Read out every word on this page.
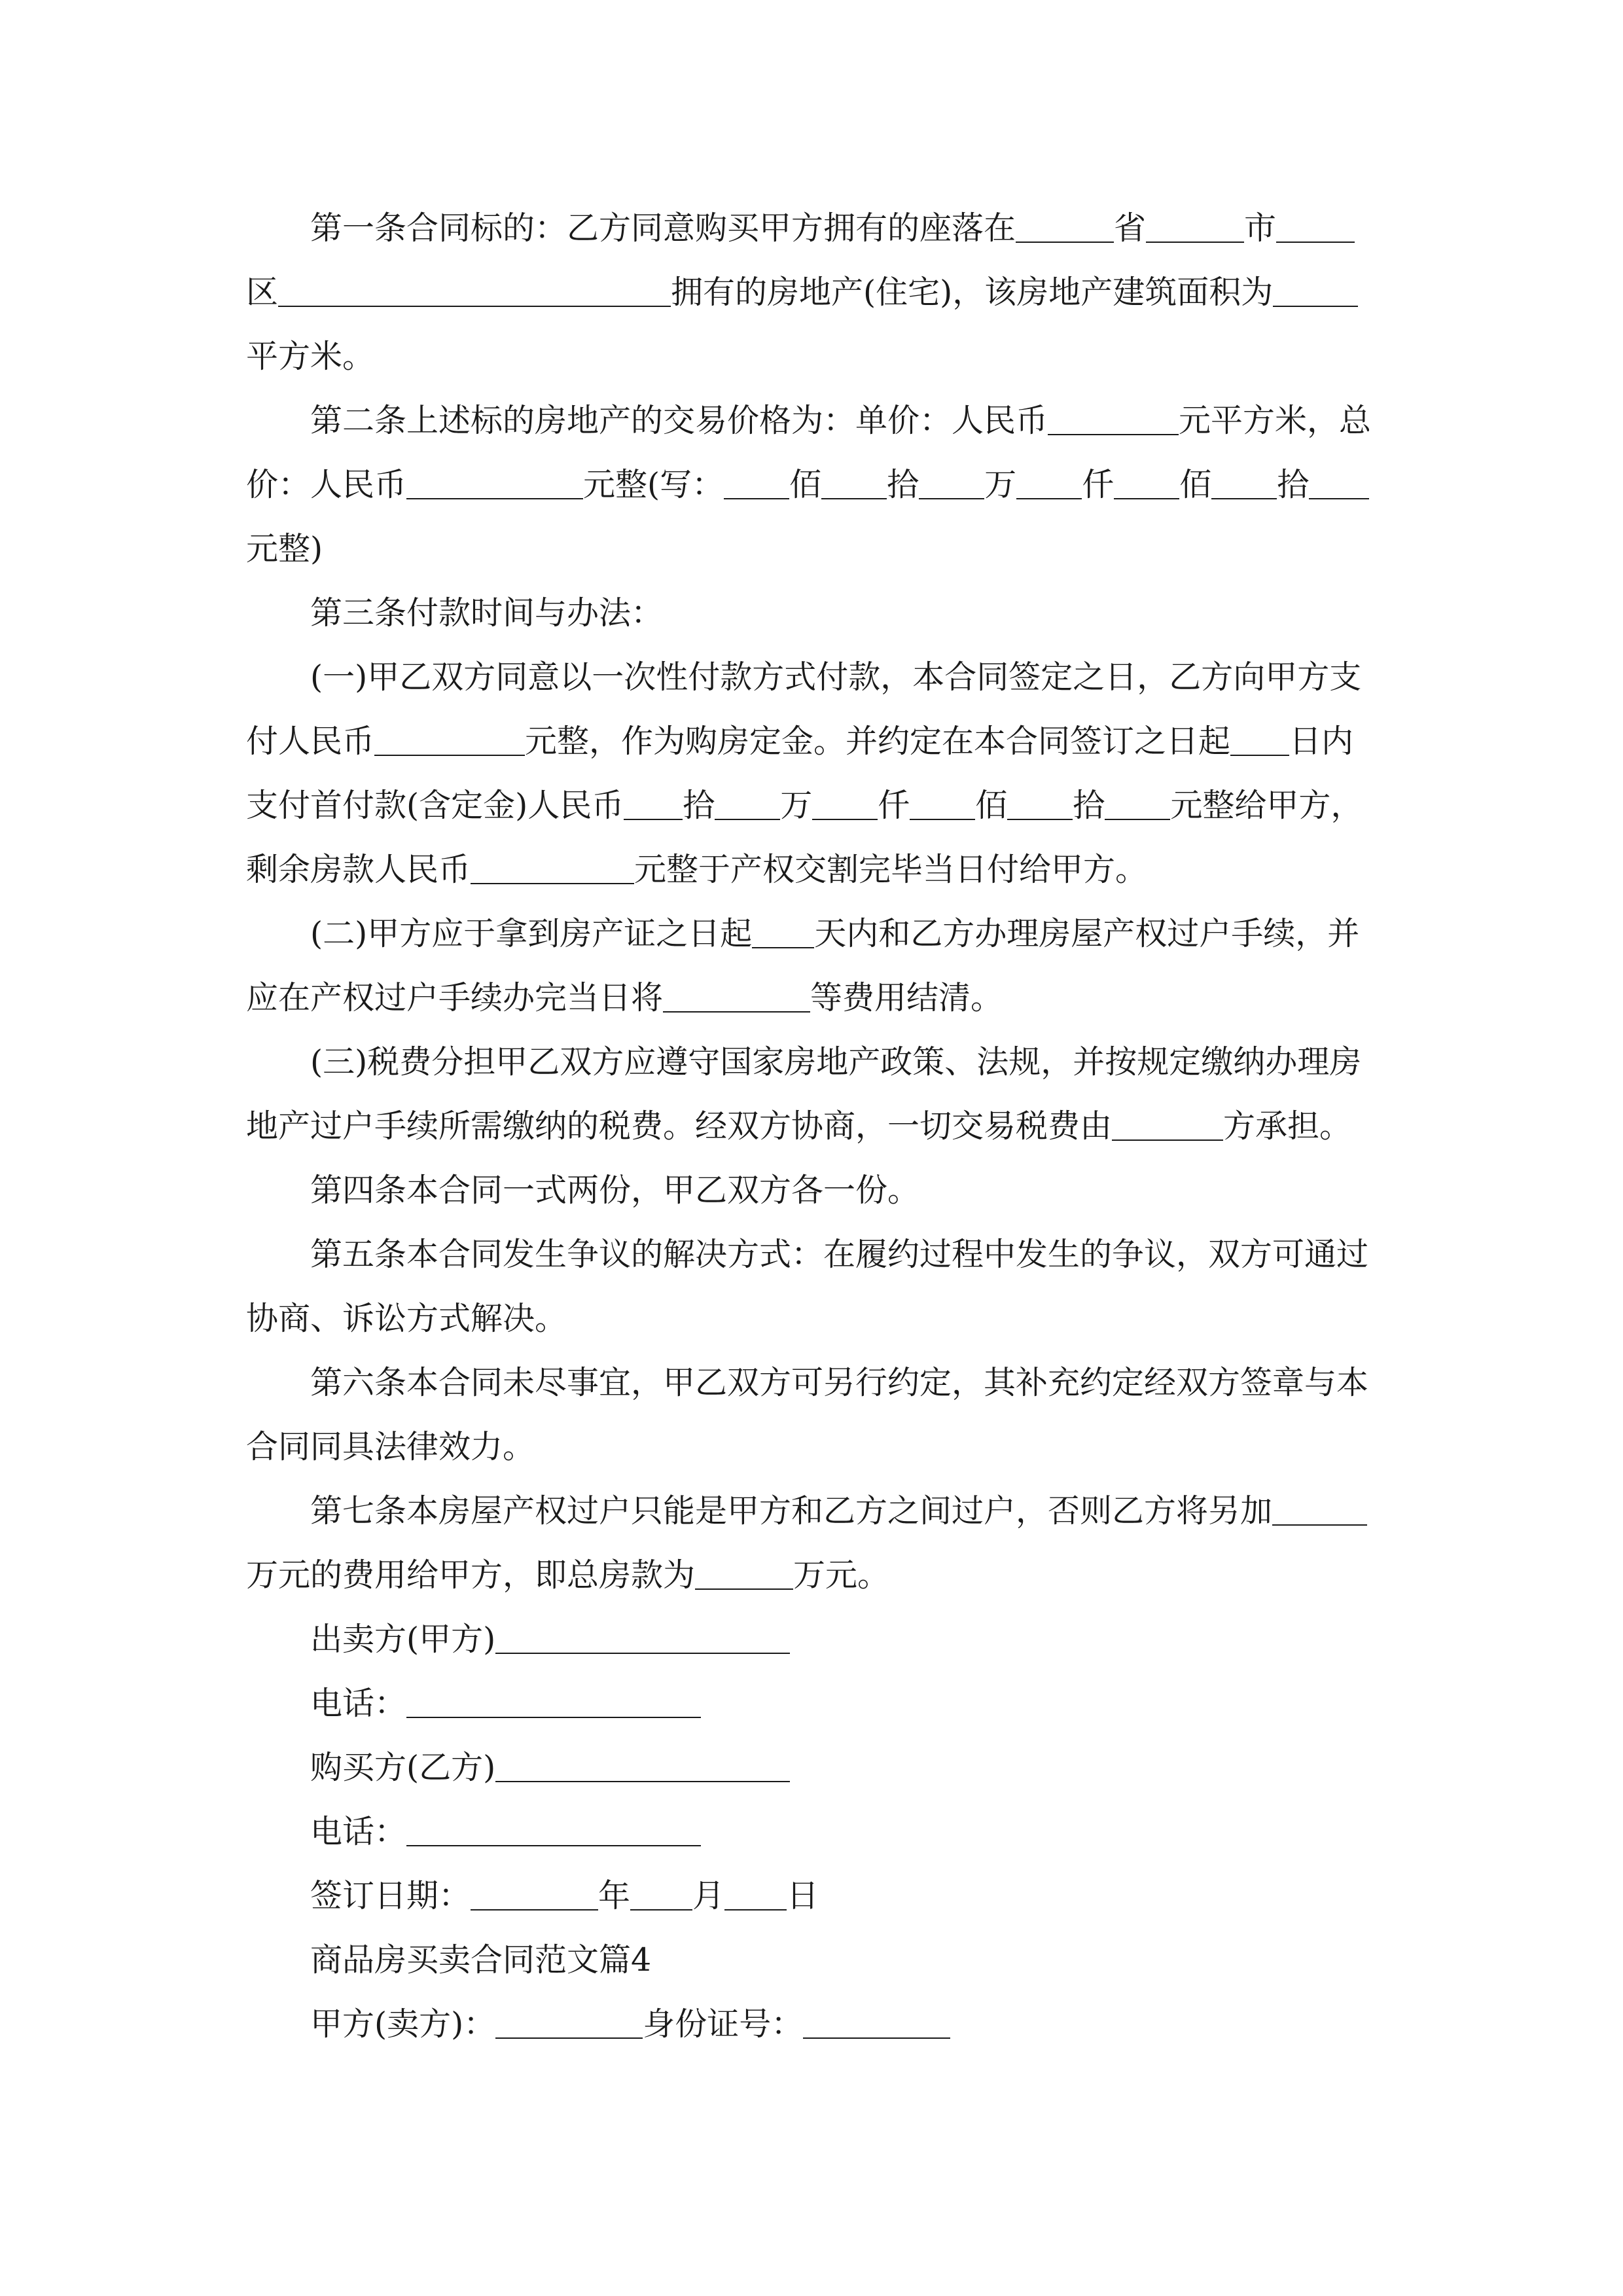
第一条合同标的：乙方同意购买甲方拥有的座落在	省	市
区	拥有的房地产(住宅)，该房地产建筑面积为
平方米。
第二条上述标的房地产的交易价格为：单价：人民币	元平方米，总
价：人民币	元整(写： 佰 拾 万 仟 佰 拾
元整)
第三条付款时间与办法：
(一)甲乙双方同意以一次性付款方式付款，本合同签定之日，乙方向甲方支
付人民币	元整，作为购房定金。并约定在本合同签订之日起 日内
支付首付款(含定金)人民币 拾 万 仟 佰 拾 元整给甲方，
剩余房款人民币	元整于产权交割完毕当日付给甲方。
(二)甲方应于拿到房产证之日起 天内和乙方办理房屋产权过户手续，并
应在产权过户手续办完当日将	等费用结清。
(三)税费分担甲乙双方应遵守国家房地产政策、法规，并按规定缴纳办理房
地产过户手续所需缴纳的税费。经双方协商，一切交易税费由	方承担。
第四条本合同一式两份，甲乙双方各一份。
第五条本合同发生争议的解决方式：在履约过程中发生的争议，双方可通过
协商、诉讼方式解决。
第六条本合同未尽事宜，甲乙双方可另行约定，其补充约定经双方签章与本
合同同具法律效力。
第七条本房屋产权过户只能是甲方和乙方之间过户，否则乙方将另加
万元的费用给甲方，即总房款为	万元。
出卖方(甲方)
电话：
购买方(乙方)
电话：
签订日期：	年 月 日
商品房买卖合同范文篇4
甲方(卖方)：	身份证号：
